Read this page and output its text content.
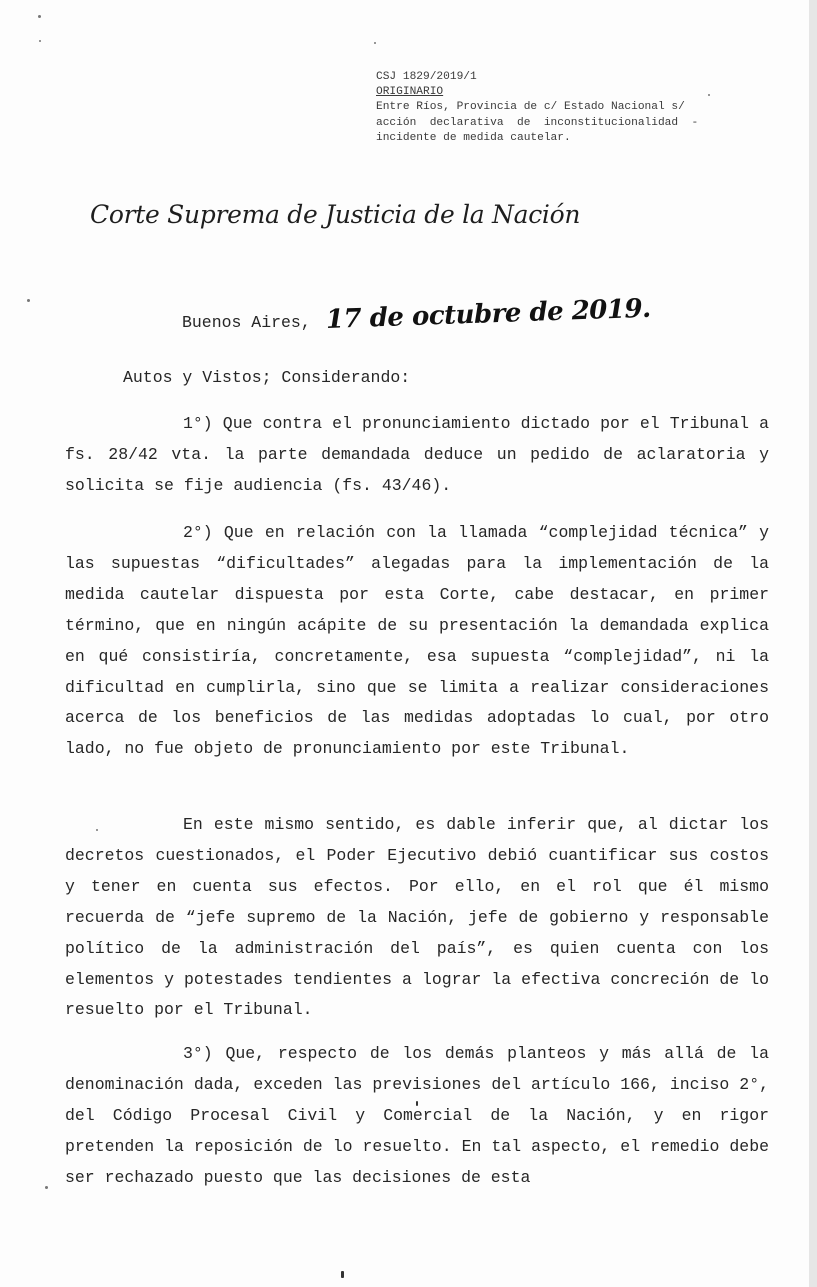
CSJ 1829/2019/1
ORIGINARIO
Entre Ríos, Provincia de c/ Estado Nacional s/
acción  declarativa  de  inconstitucionalidad  -
incidente de medida cautelar.
Corte Suprema de Justicia de la Nación
Buenos Aires, 17 de octubre de 2019.
Autos y Vistos; Considerando:
1°) Que contra el pronunciamiento dictado por el Tribunal a fs. 28/42 vta. la parte demandada deduce un pedido de aclaratoria y solicita se fije audiencia (fs. 43/46).
2°) Que en relación con la llamada “complejidad técnica” y las supuestas “dificultades” alegadas para la implementación de la medida cautelar dispuesta por esta Corte, cabe destacar, en primer término, que en ningún acápite de su presentación la demandada explica en qué consistiría, concretamente, esa supuesta “complejidad”, ni la dificultad en cumplirla, sino que se limita a realizar consideraciones acerca de los beneficios de las medidas adoptadas lo cual, por otro lado, no fue objeto de pronunciamiento por este Tribunal.
En este mismo sentido, es dable inferir que, al dictar los decretos cuestionados, el Poder Ejecutivo debió cuantificar sus costos y tener en cuenta sus efectos. Por ello, en el rol que él mismo recuerda de “jefe supremo de la Nación, jefe de gobierno y responsable político de la administración del país”, es quien cuenta con los elementos y potestades tendientes a lograr la efectiva concreción de lo resuelto por el Tribunal.
3°) Que, respecto de los demás planteos y más allá de la denominación dada, exceden las previsiones del artículo 166, inciso 2°, del Código Procesal Civil y Comercial de la Nación, y en rigor pretenden la reposición de lo resuelto. En tal aspecto, el remedio debe ser rechazado puesto que las decisiones de esta
